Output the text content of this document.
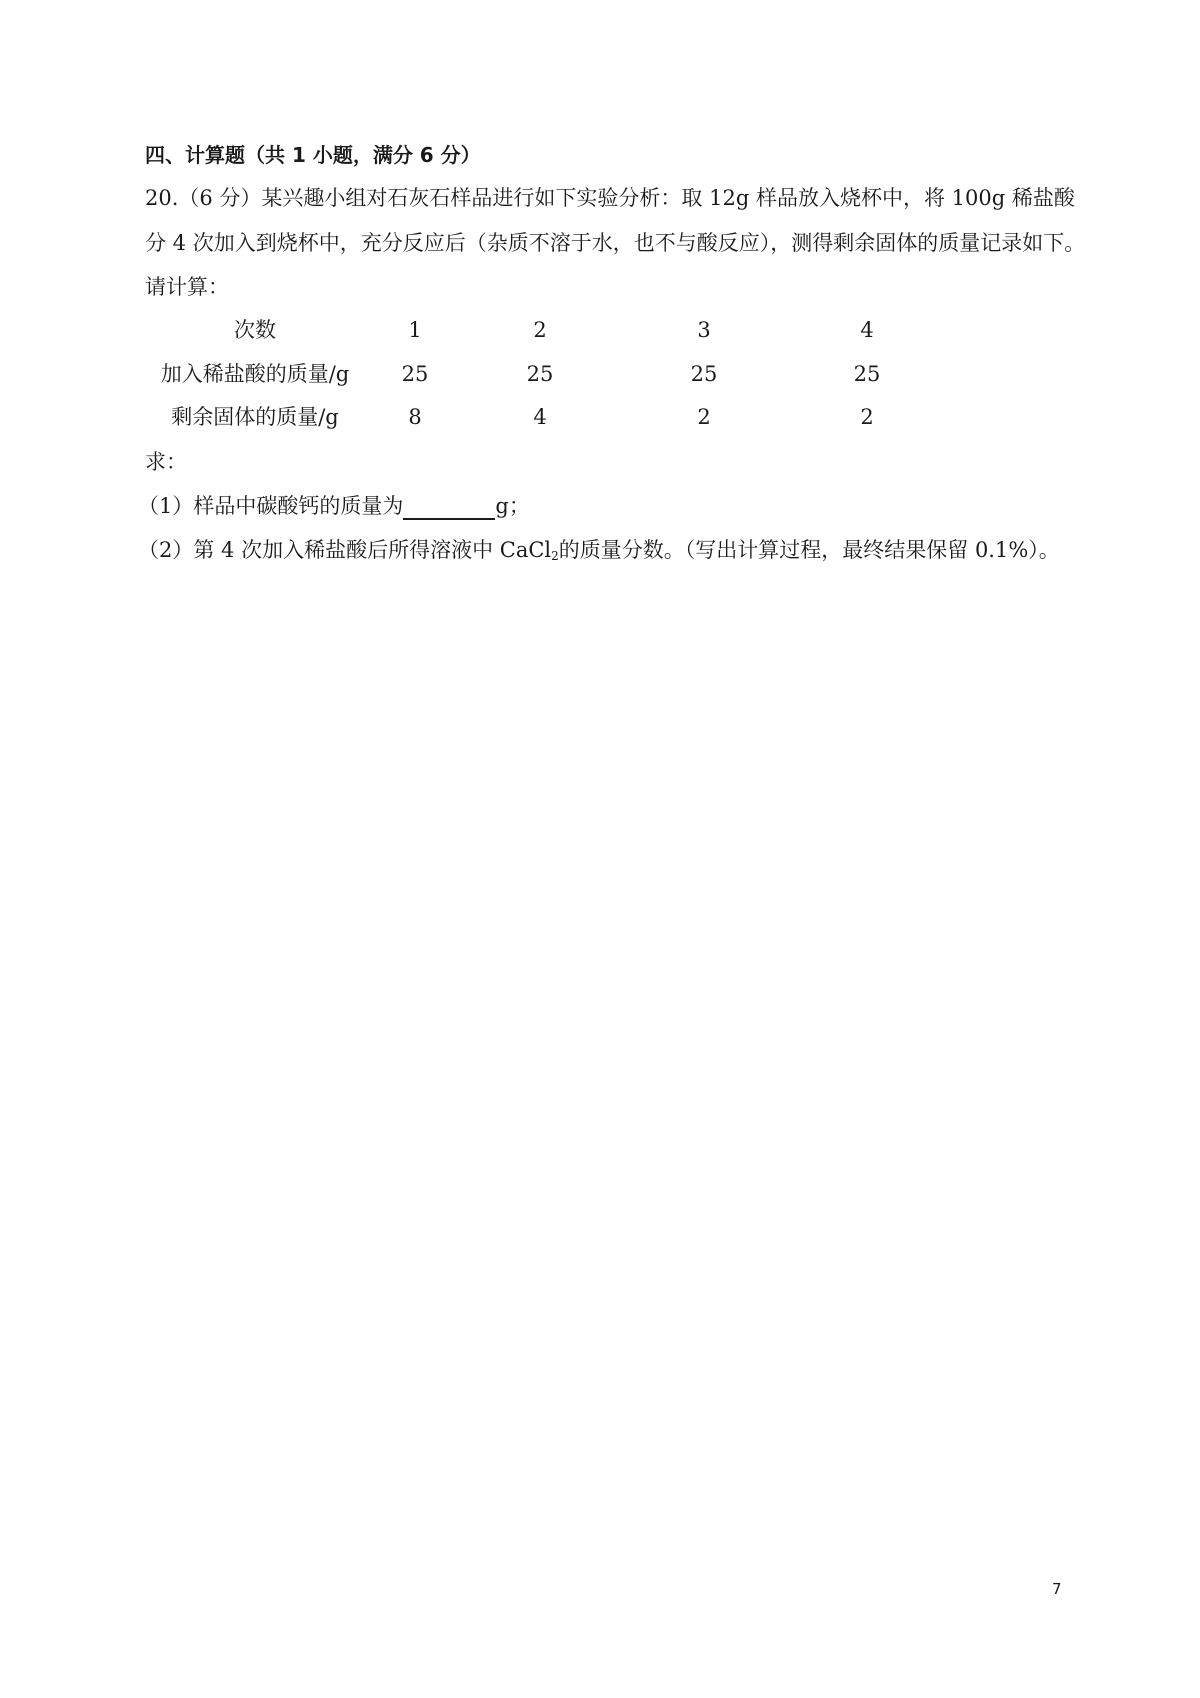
四、计算题（共 1 小题，满分 6 分）
20.（6 分）某兴趣小组对石灰石样品进行如下实验分析：取 12g 样品放入烧杯中，将 100g 稀盐酸
分 4 次加入到烧杯中，充分反应后（杂质不溶于水，也不与酸反应），测得剩余固体的质量记录如下。
请计算：
次数	1	2	3	4
加入稀盐酸的质量/g	25	25	25	25
剩余固体的质量/g	8	4	2	2
求：
（1）样品中碳酸钙的质量为	g；
（2）第 4 次加入稀盐酸后所得溶液中 CaCl$_2$的质量分数。（写出计算过程，最终结果保留 0.1%）。
7
